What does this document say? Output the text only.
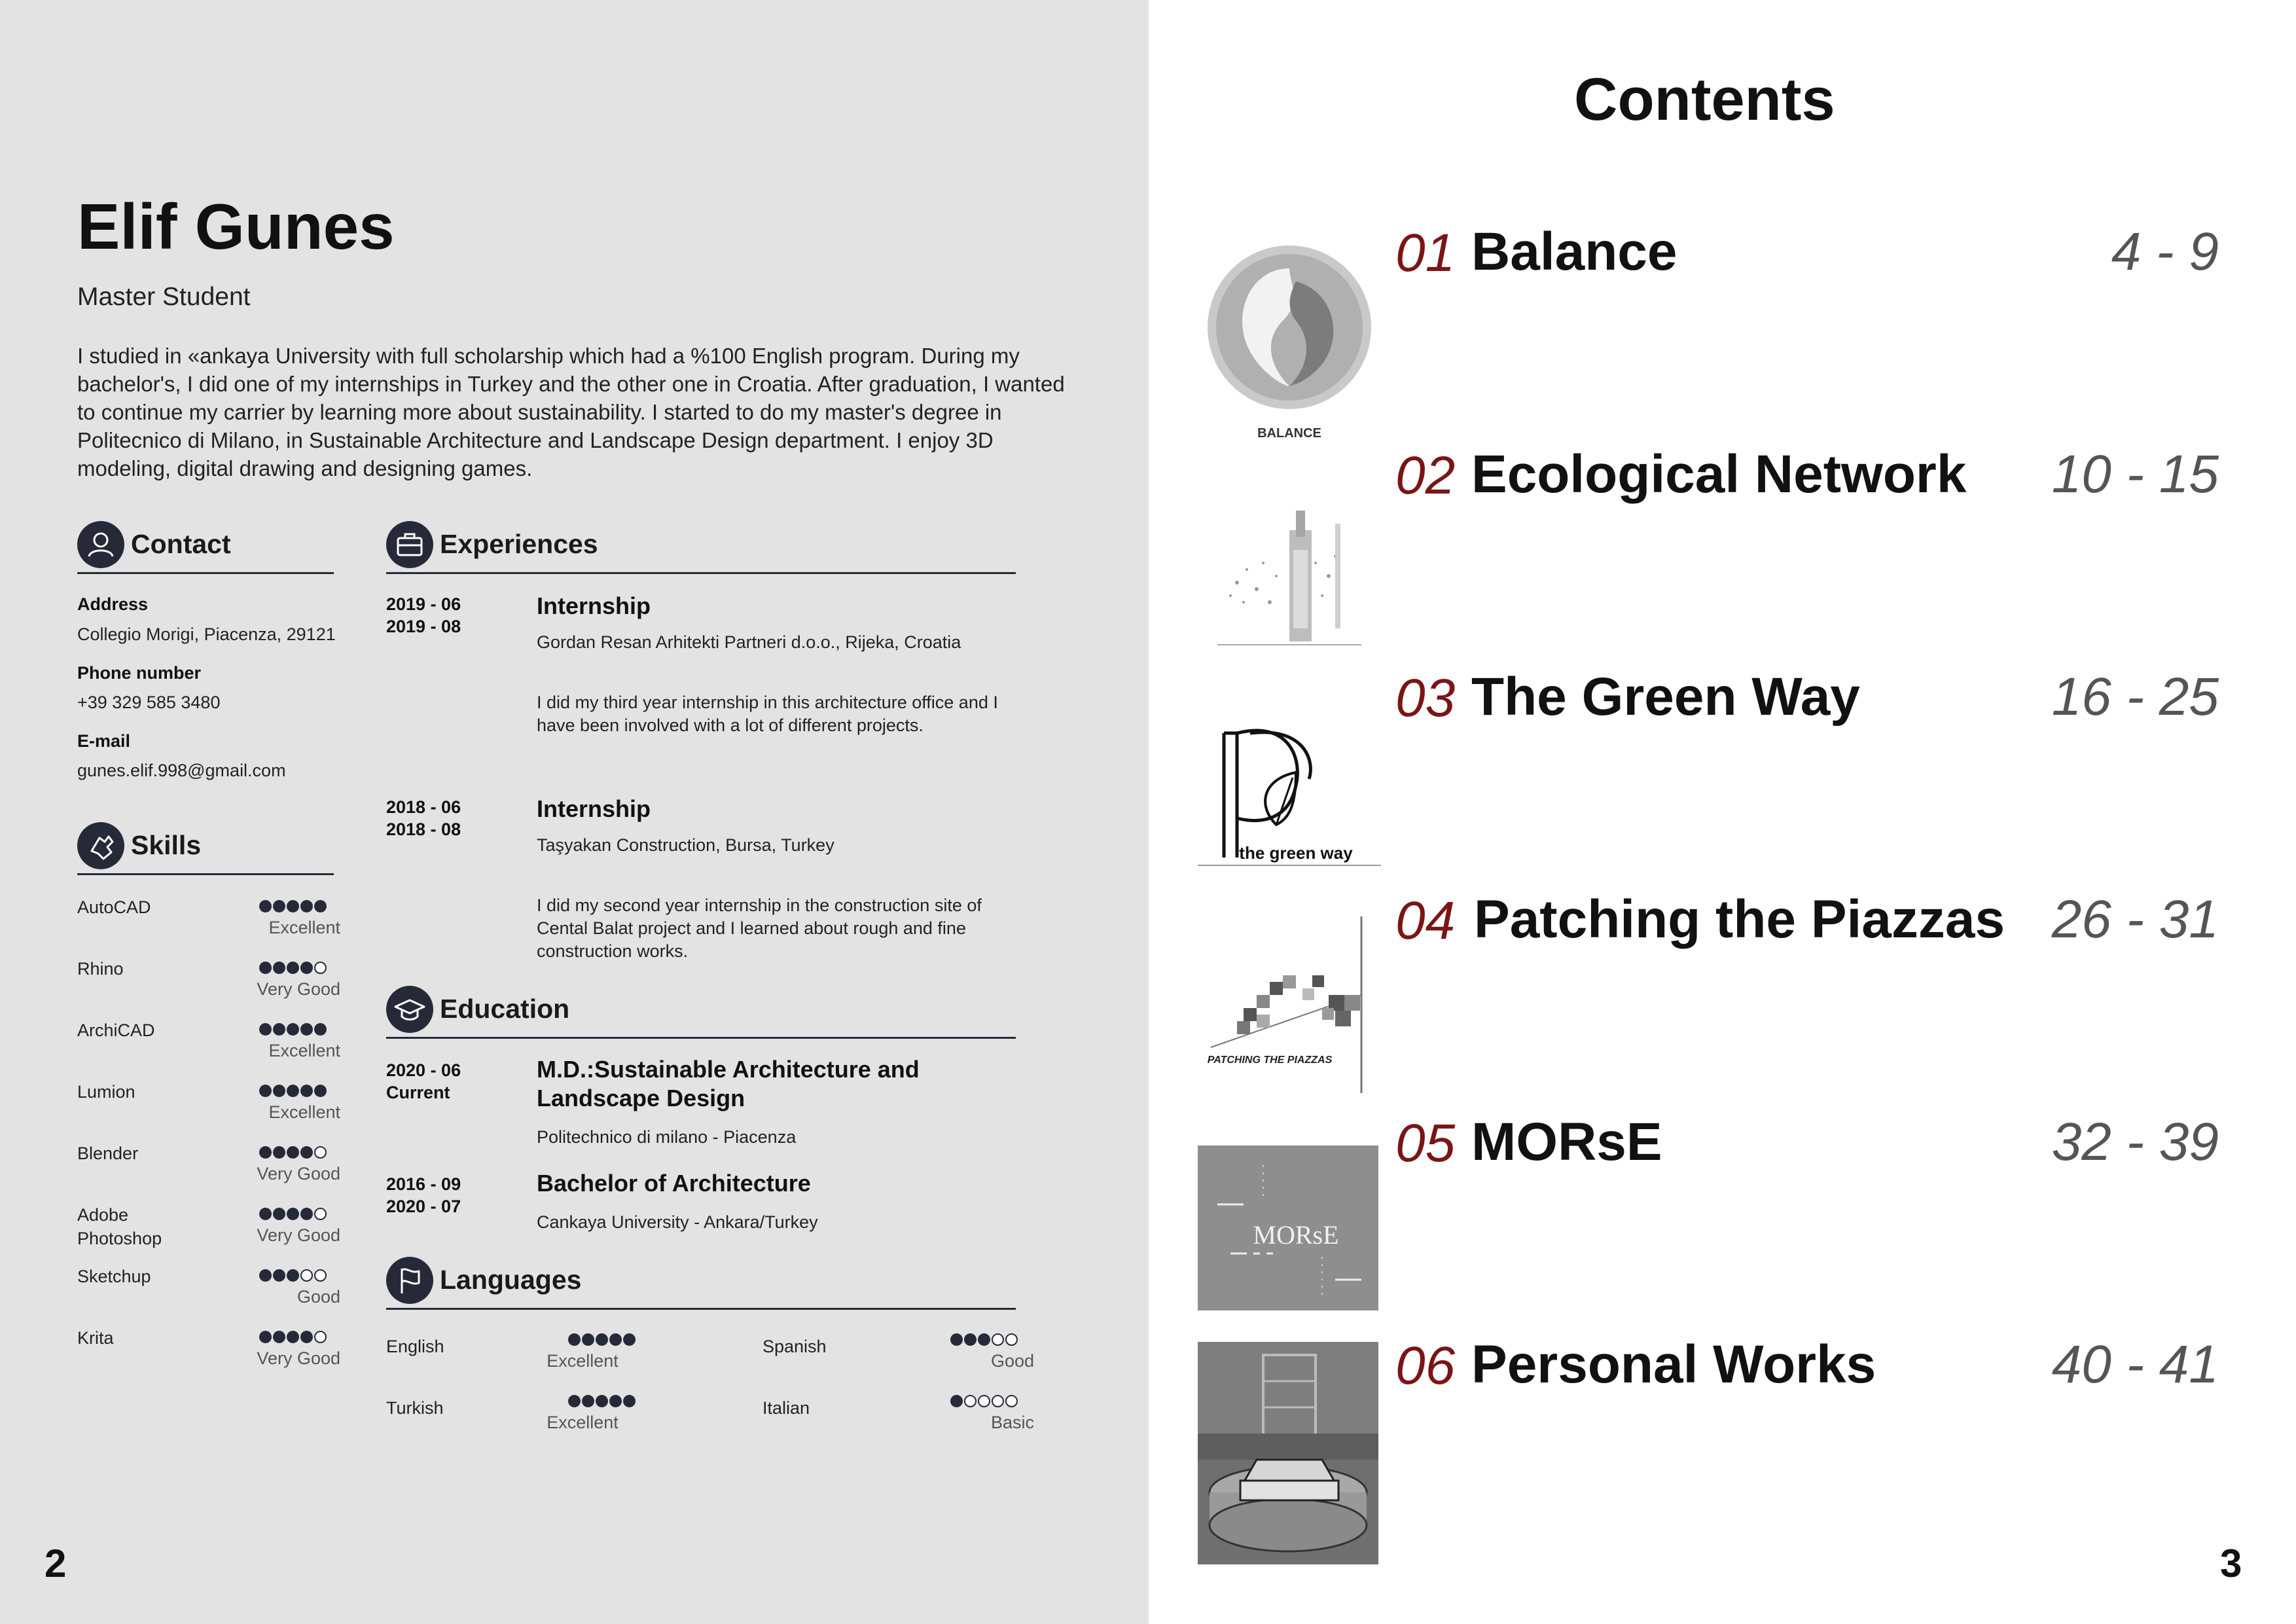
Elif Gunes
Master Student
I studied in «ankaya University with full scholarship which had a %100 English program. During my bachelor's, I did one of my internships in Turkey and the other one in Croatia. After graduation, I wanted to continue my carrier by learning more about sustainability. I started to do my master's degree in Politecnico di Milano, in Sustainable Architecture and Landscape Design department. I enjoy 3D modeling, digital drawing and designing games.
Contact
Address
Collegio Morigi, Piacenza, 29121
Phone number
+39 329 585 3480
E-mail
gunes.elif.998@gmail.com
Skills
AutoCAD
Excellent
Rhino
Very Good
ArchiCAD
Excellent
Lumion
Excellent
Blender
Very Good
Adobe Photoshop	Very Good
Sketchup
Good
Krita
Very Good
Experiences
2019 - 06
2019 - 08
Internship
Gordan Resan Arhitekti Partneri d.o.o., Rijeka, Croatia
I did my third year internship in this architecture office and I have been involved with a lot of different projects.
2018 - 06
2018 - 08
Internship
Taşyakan Construction, Bursa, Turkey
I did my second year internship in the construction site of Cental Balat project and I learned about rough and fine construction works.
Education
2020 - 06
Current
M.D.:Sustainable Architecture and Landscape Design
Politechnico di milano - Piacenza
2016 - 09
2020 - 07
Bachelor of Architecture
Cankaya University - Ankara/Turkey
Languages
English
Excellent
Spanish
Good
Turkish
Excellent
Italian
Basic
2
Contents
01 Balance	4 - 9
02 Ecological Network	10 - 15
03 The Green Way	16 - 25
04 Patching the Piazzas 26 - 31
05 MORsE	32 - 39
06 Personal Works	40 - 41
BALANCE
the green way
PATCHING THE PIAZZAS
MORsE
3
